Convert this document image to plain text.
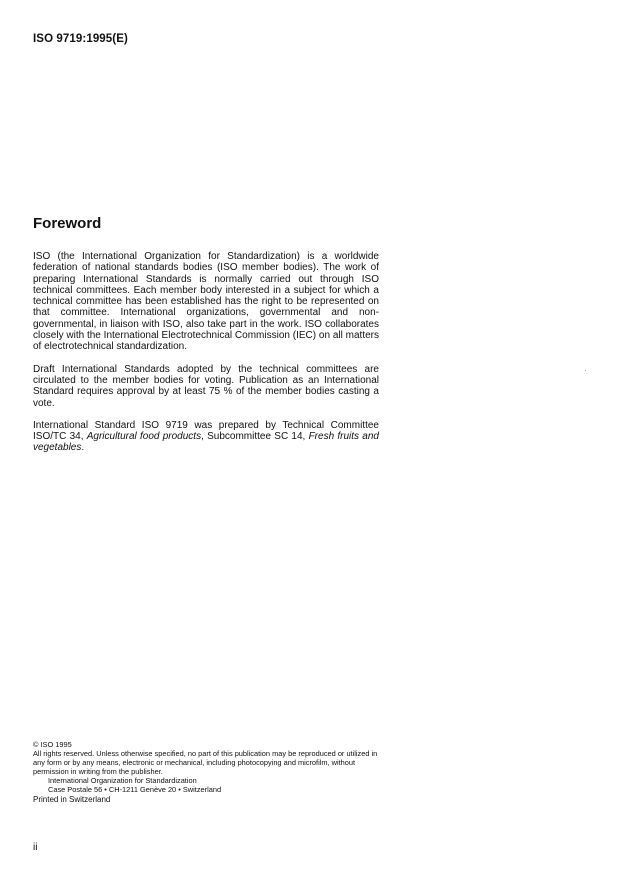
ISO 9719:1995(E)
Foreword

ISO (the International Organization for Standardization) is a worldwide federation of national standards bodies (ISO member bodies). The work of preparing International Standards is normally carried out through ISO technical committees. Each member body interested in a subject for which a technical committee has been established has the right to be represented on that committee. International organizations, governmental and non-governmental, in liaison with ISO, also take part in the work. ISO collaborates closely with the International Electrotechnical Commission (IEC) on all matters of electrotechnical standardization.

Draft International Standards adopted by the technical committees are circulated to the member bodies for voting. Publication as an International Standard requires approval by at least 75 % of the member bodies casting a vote.

International Standard ISO 9719 was prepared by Technical Committee ISO/TC 34, Agricultural food products, Subcommittee SC 14, Fresh fruits and vegetables.

© ISO 1995
All rights reserved. Unless otherwise specified, no part of this publication may be reproduced or utilized in any form or by any means, electronic or mechanical, including photocopying and microfilm, without permission in writing from the publisher.
International Organization for Standardization
Case Postale 56 • CH-1211 Genève 20 • Switzerland
Printed in Switzerland
ii
